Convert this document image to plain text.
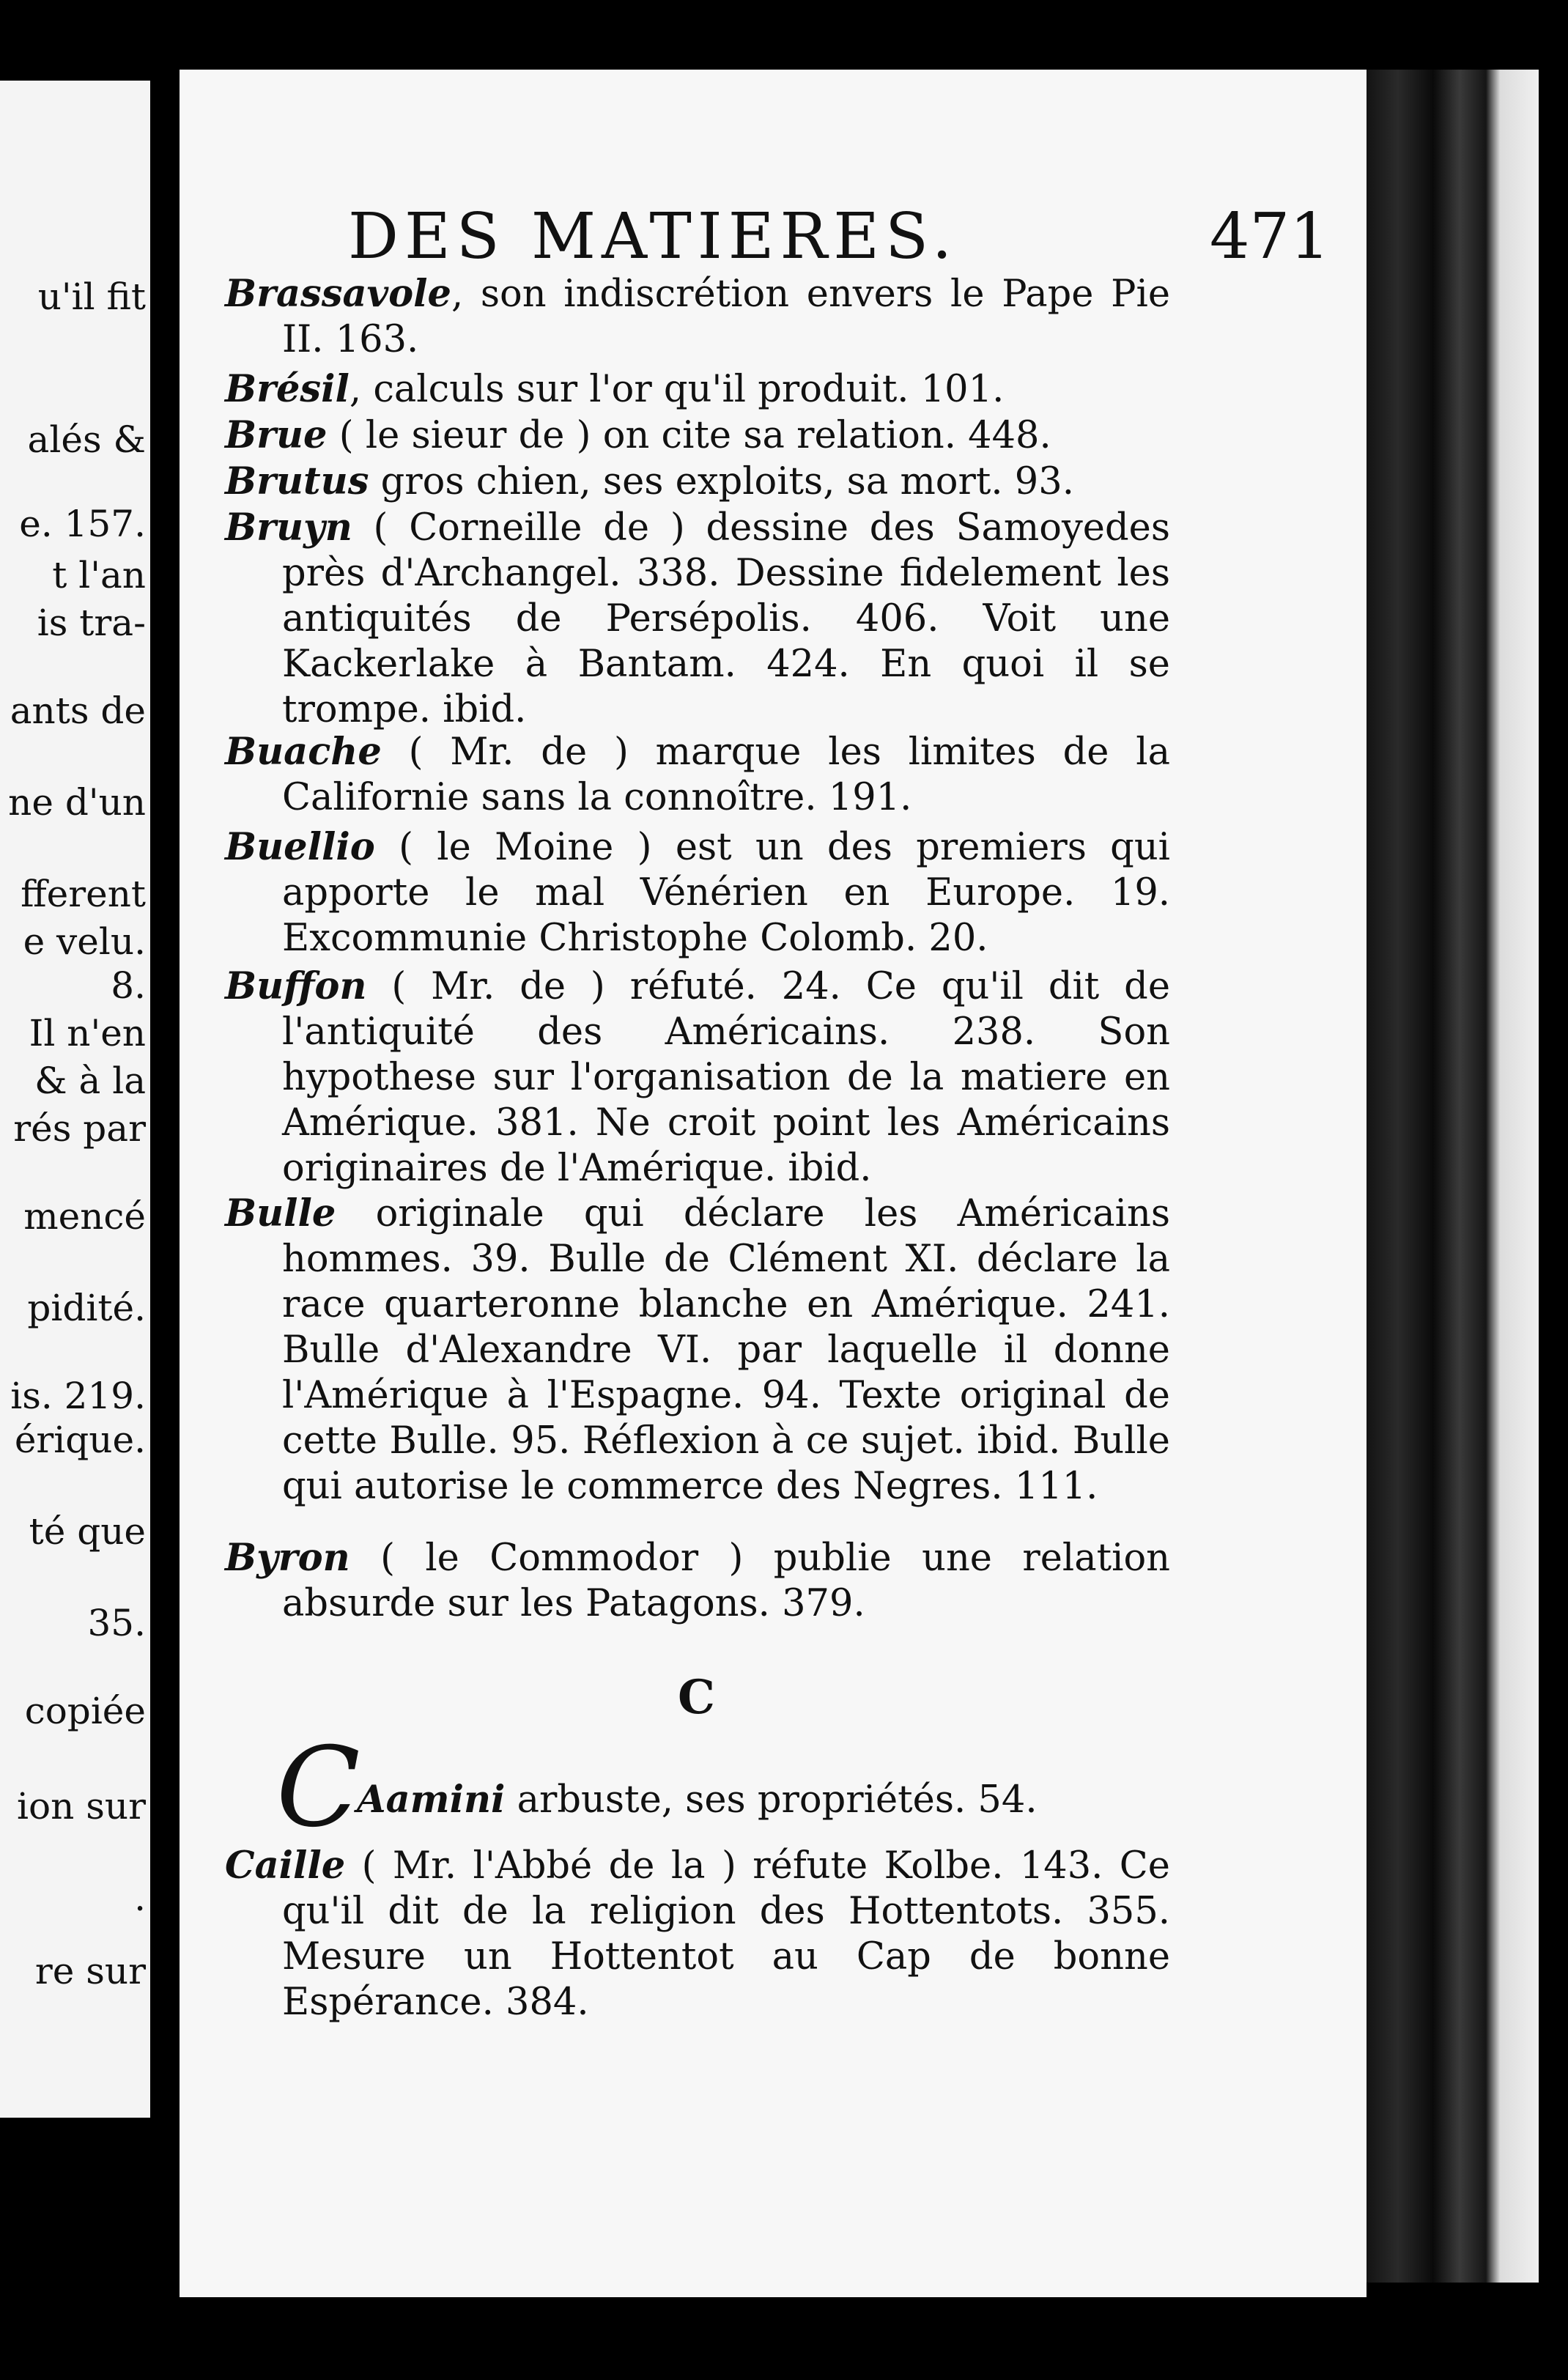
u'il fit
alés &
e. 157.
t l'an
is tra-
ants de
ne d'un
fferent
e velu.
8.
Il n'en
& à la
rés par
mencé
pidité.
is. 219.
érique.
té que
35.
copiée
ion sur
.
re sur
DES MATIERES.	471

Brassavole, son indiscrétion envers le Pape Pie II. 163.

Brésil, calculs sur l'or qu'il produit. 101.

Brue ( le sieur de ) on cite sa relation. 448.

Brutus gros chien, ses exploits, sa mort. 93.

Bruyn ( Corneille de ) dessine des Samoyedes près d'Archangel. 338. Dessine fidelement les antiquités de Persépolis. 406. Voit une Kackerlake à Bantam. 424. En quoi il se trompe. ibid.

Buache ( Mr. de ) marque les limites de la Californie sans la connoître. 191.

Buellio ( le Moine ) est un des premiers qui apporte le mal Vénérien en Europe. 19. Excommunie Christophe Colomb. 20.

Buffon ( Mr. de ) réfuté. 24. Ce qu'il dit de l'antiquité des Américains. 238. Son hypothese sur l'organisation de la matiere en Amérique. 381. Ne croit point les Américains originaires de l'Amérique. ibid.

Bulle originale qui déclare les Américains hommes. 39. Bulle de Clément XI. déclare la race quarteronne blanche en Amérique. 241. Bulle d'Alexandre VI. par laquelle il donne l'Amérique à l'Espagne. 94. Texte original de cette Bulle. 95. Réflexion à ce sujet. ibid. Bulle qui autorise le commerce des Negres. 111.

Byron ( le Commodor ) publie une relation absurde sur les Patagons. 379.

C
C
Aamini arbuste, ses propriétés. 54.

Caille ( Mr. l'Abbé de la ) réfute Kolbe. 143. Ce qu'il dit de la religion des Hottentots. 355. Mesure un Hottentot au Cap de bonne Espérance. 384.
